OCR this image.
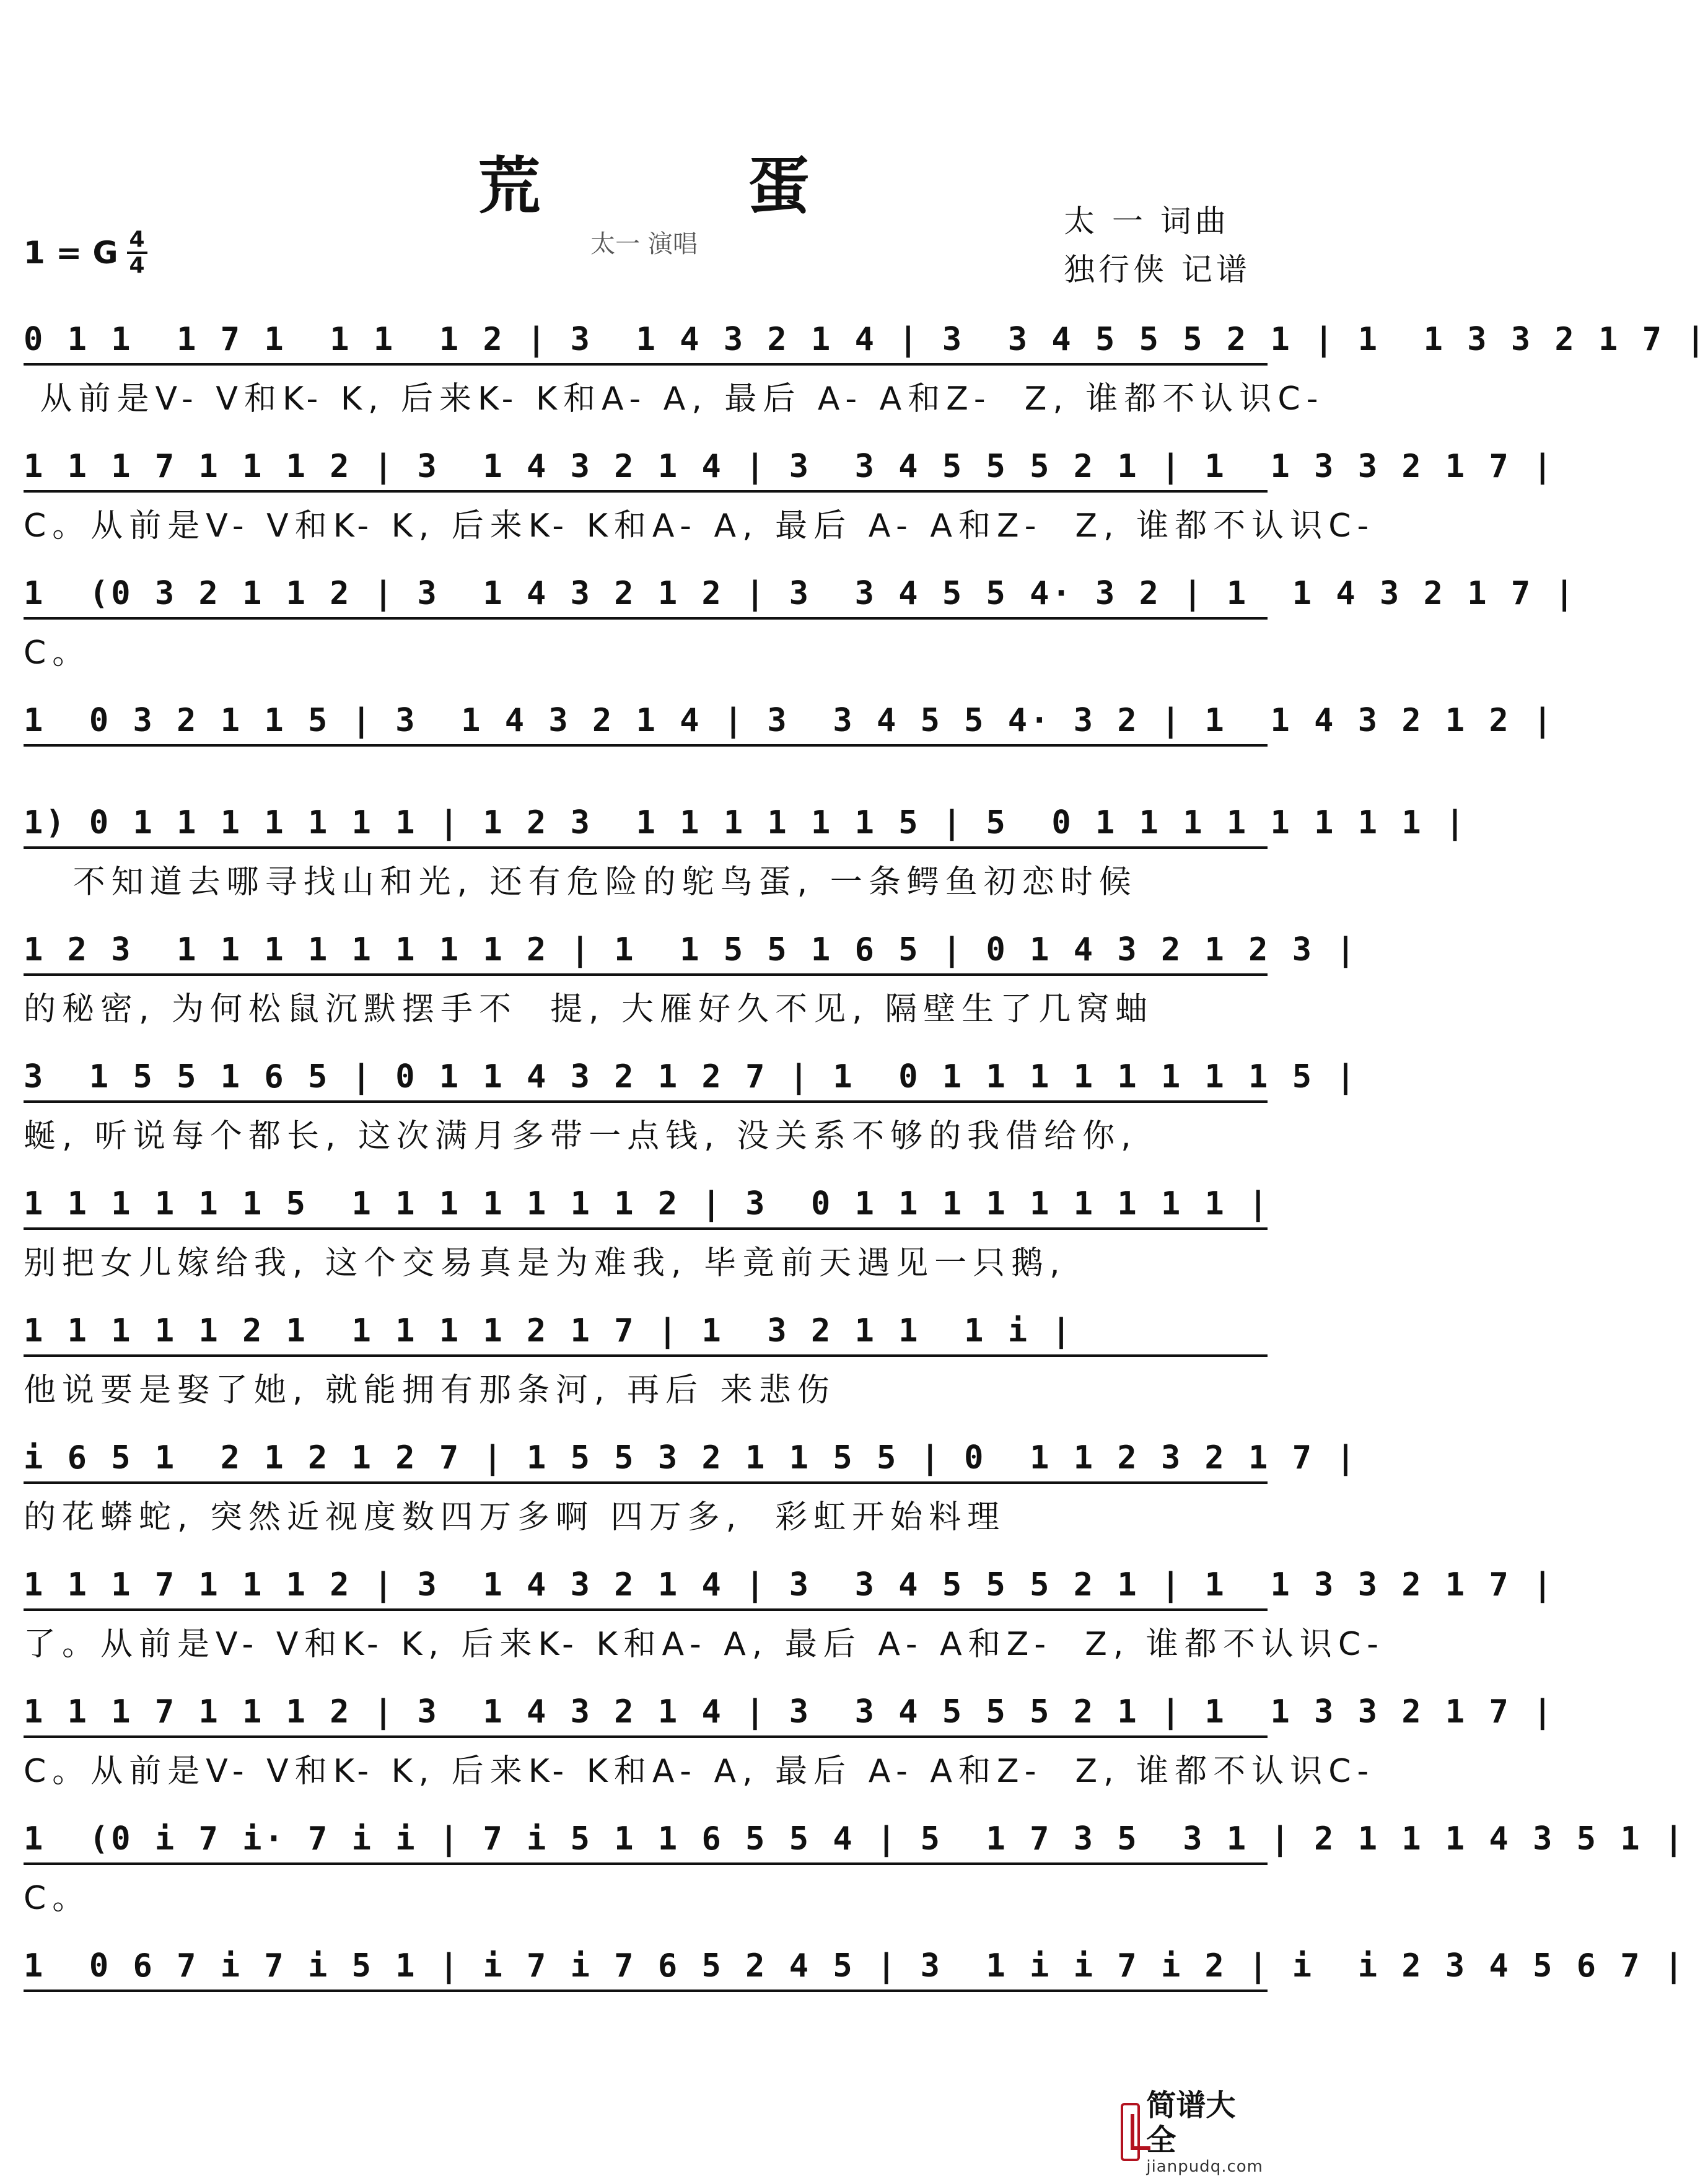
荒 蛋
太一 演唱
太 一 词曲
独行侠 记谱
1 = G 4
4
0 1 1  1 7 1  1 1  1 2 | 3  1 4 3 2 1 4 | 3  3 4 5 5 5 2 1 | 1  1 3 3 2 1 7 |
从前是V- V和K- K, 后来K- K和A- A, 最后 A- A和Z-  Z, 谁都不认识C-
1 1 1 7 1 1 1 2 | 3  1 4 3 2 1 4 | 3  3 4 5 5 5 2 1 | 1  1 3 3 2 1 7 |
C。从前是V- V和K- K, 后来K- K和A- A, 最后 A- A和Z-  Z, 谁都不认识C-
1  (0 3 2 1 1 2 | 3  1 4 3 2 1 2 | 3  3 4 5 5 4· 3 2 | 1  1 4 3 2 1 7 |
C。
1  0 3 2 1 1 5 | 3  1 4 3 2 1 4 | 3  3 4 5 5 4· 3 2 | 1  1 4 3 2 1 2 |
1) 0 1 1 1 1 1 1 1 | 1 2 3  1 1 1 1 1 1 5 | 5  0 1 1 1 1 1 1 1 1 |
不知道去哪寻找山和光, 还有危险的鸵鸟蛋, 一条鳄鱼初恋时候
1 2 3  1 1 1 1 1 1 1 1 2 | 1  1 5 5 1 6 5 | 0 1 4 3 2 1 2 3 |
的秘密, 为何松鼠沉默摆手不  提, 大雁好久不见, 隔壁生了几窝蚰
3  1 5 5 1 6 5 | 0 1 1 4 3 2 1 2 7 | 1  0 1 1 1 1 1 1 1 1 5 |
蜒, 听说每个都长, 这次满月多带一点钱, 没关系不够的我借给你,
1 1 1 1 1 1 5  1 1 1 1 1 1 1 2 | 3  0 1 1 1 1 1 1 1 1 1 |
别把女儿嫁给我, 这个交易真是为难我, 毕竟前天遇见一只鹅,
1 1 1 1 1 2 1  1 1 1 1 2 1 7 | 1  3 2 1 1  1 i |
他说要是娶了她, 就能拥有那条河, 再后 来悲伤
i 6 5 1  2 1 2 1 2 7 | 1 5 5 3 2 1 1 5 5 | 0  1 1 2 3 2 1 7 |
的花蟒蛇, 突然近视度数四万多啊 四万多,  彩虹开始料理
1 1 1 7 1 1 1 2 | 3  1 4 3 2 1 4 | 3  3 4 5 5 5 2 1 | 1  1 3 3 2 1 7 |
了。从前是V- V和K- K, 后来K- K和A- A, 最后 A- A和Z-  Z, 谁都不认识C-
1 1 1 7 1 1 1 2 | 3  1 4 3 2 1 4 | 3  3 4 5 5 5 2 1 | 1  1 3 3 2 1 7 |
C。从前是V- V和K- K, 后来K- K和A- A, 最后 A- A和Z-  Z, 谁都不认识C-
1  (0 i 7 i· 7 i i | 7 i 5 1 1 6 5 5 4 | 5  1 7 3 5  3 1 | 2 1 1 1 4 3 5 1 |
C。
1  0 6 7 i 7 i 5 1 | i 7 i 7 6 5 2 4 5 | 3  1 i i 7 i 2 | i  i 2 3 4 5 6 7 |
简谱大全
jianpudq.com
